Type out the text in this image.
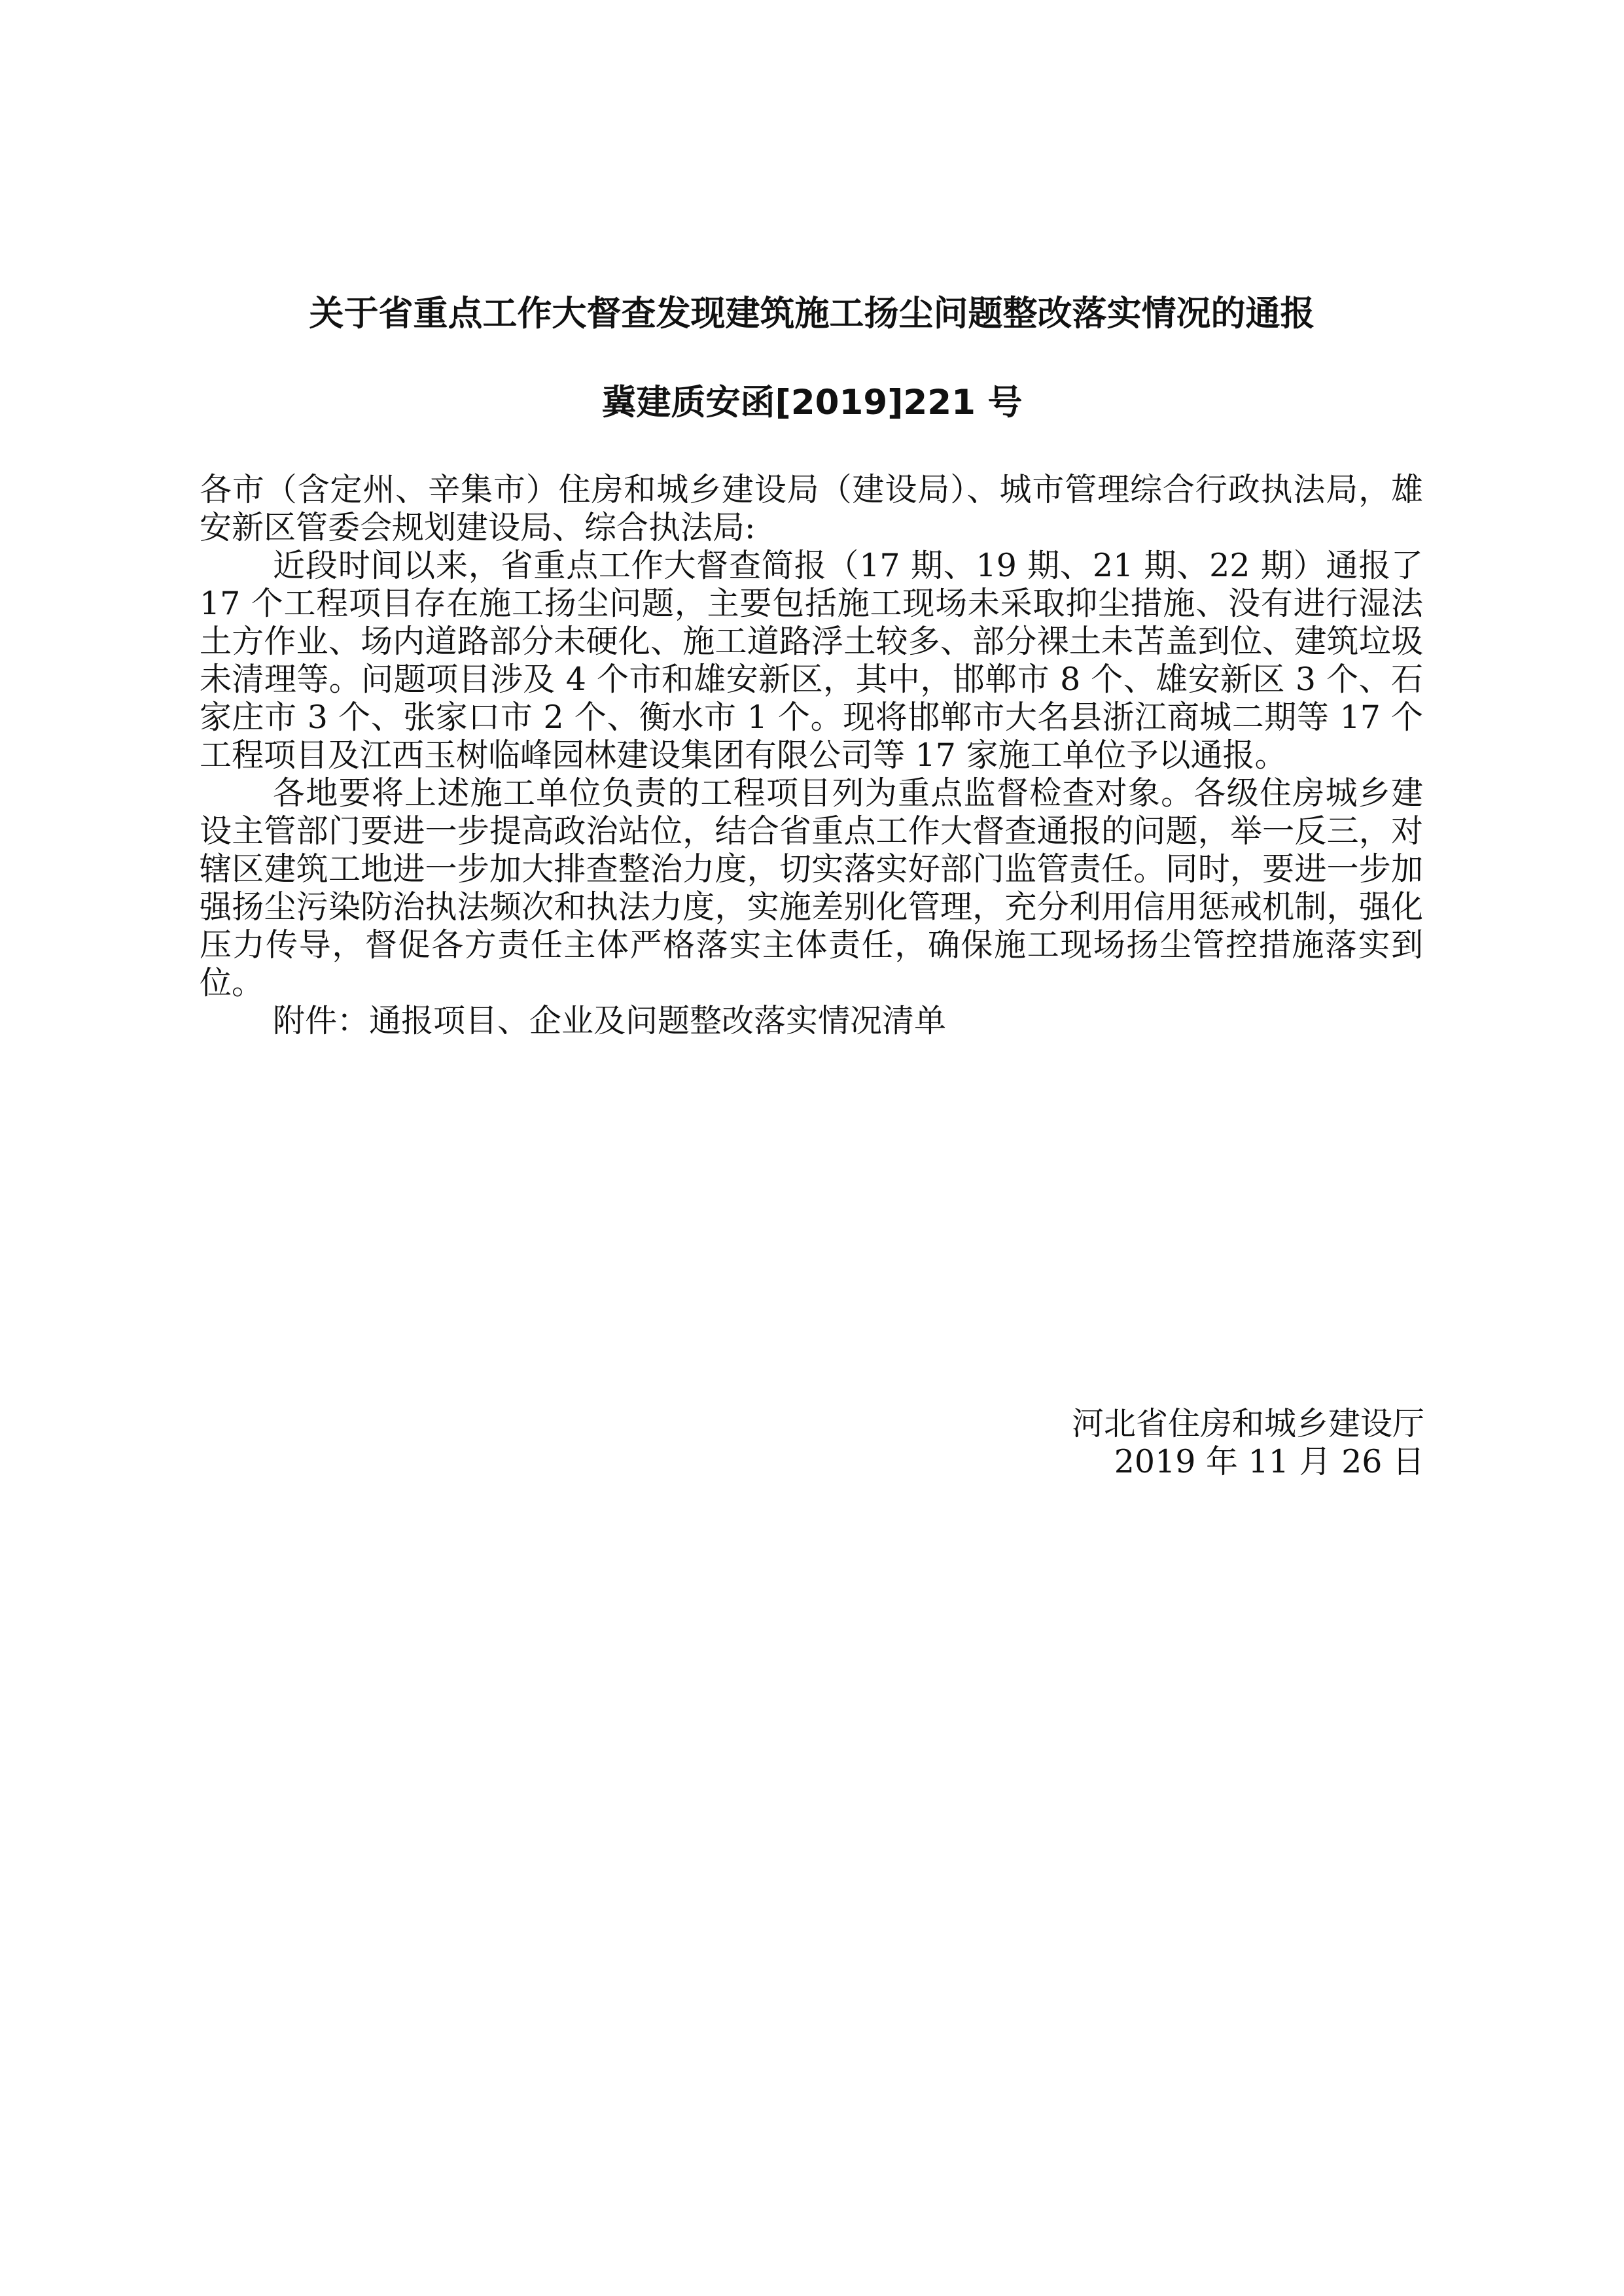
关于省重点工作大督查发现建筑施工扬尘问题整改落实情况的通报
冀建质安函[2019]221 号

各市（含定州、辛集市）住房和城乡建设局（建设局）、城市管理综合行政执法局，雄安新区管委会规划建设局、综合执法局:

近段时间以来，省重点工作大督查简报（17 期、19 期、21 期、22 期）通报了 17 个工程项目存在施工扬尘问题，主要包括施工现场未采取抑尘措施、没有进行湿法土方作业、场内道路部分未硬化、施工道路浮土较多、部分裸土未苫盖到位、建筑垃圾未清理等。问题项目涉及 4 个市和雄安新区，其中，邯郸市 8 个、雄安新区 3 个、石家庄市 3 个、张家口市 2 个、衡水市 1 个。现将邯郸市大名县浙江商城二期等 17 个工程项目及江西玉树临峰园林建设集团有限公司等 17 家施工单位予以通报。

各地要将上述施工单位负责的工程项目列为重点监督检查对象。各级住房城乡建设主管部门要进一步提高政治站位，结合省重点工作大督查通报的问题，举一反三，对辖区建筑工地进一步加大排查整治力度，切实落实好部门监管责任。同时，要进一步加强扬尘污染防治执法频次和执法力度，实施差别化管理，充分利用信用惩戒机制，强化压力传导，督促各方责任主体严格落实主体责任，确保施工现场扬尘管控措施落实到位。

附件：通报项目、企业及问题整改落实情况清单

河北省住房和城乡建设厅
2019 年 11 月 26 日
